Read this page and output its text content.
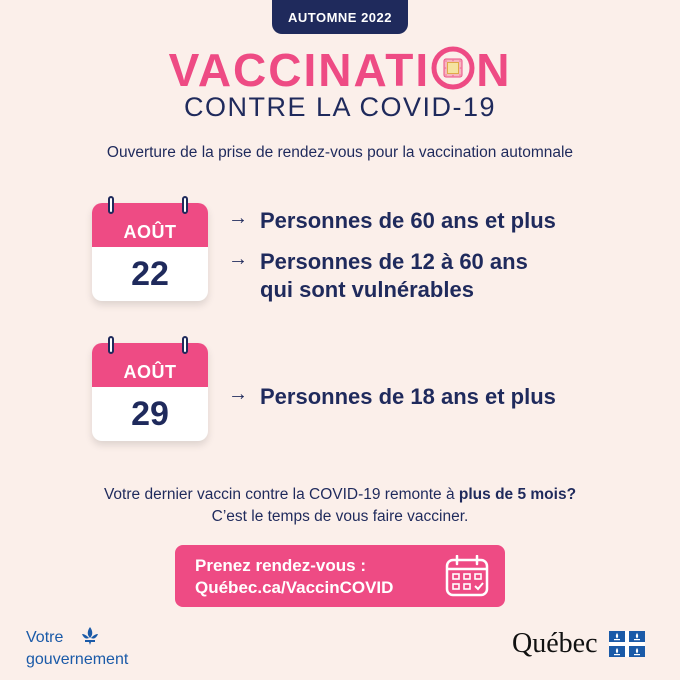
AUTOMNE 2022
VACCINATI N
CONTRE LA COVID-19
Ouverture de la prise de rendez-vous pour la vaccination automnale
AOÛT
22
→ Personnes de 60 ans et plus
→ Personnes de 12 à 60 ans
qui sont vulnérables
AOÛT
29
→ Personnes de 18 ans et plus
Votre dernier vaccin contre la COVID-19 remonte à plus de 5 mois?
C’est le temps de vous faire vacciner.
Prenez rendez-vous :
Québec.ca/VaccinCOVID
Votre
gouvernement
Québec
